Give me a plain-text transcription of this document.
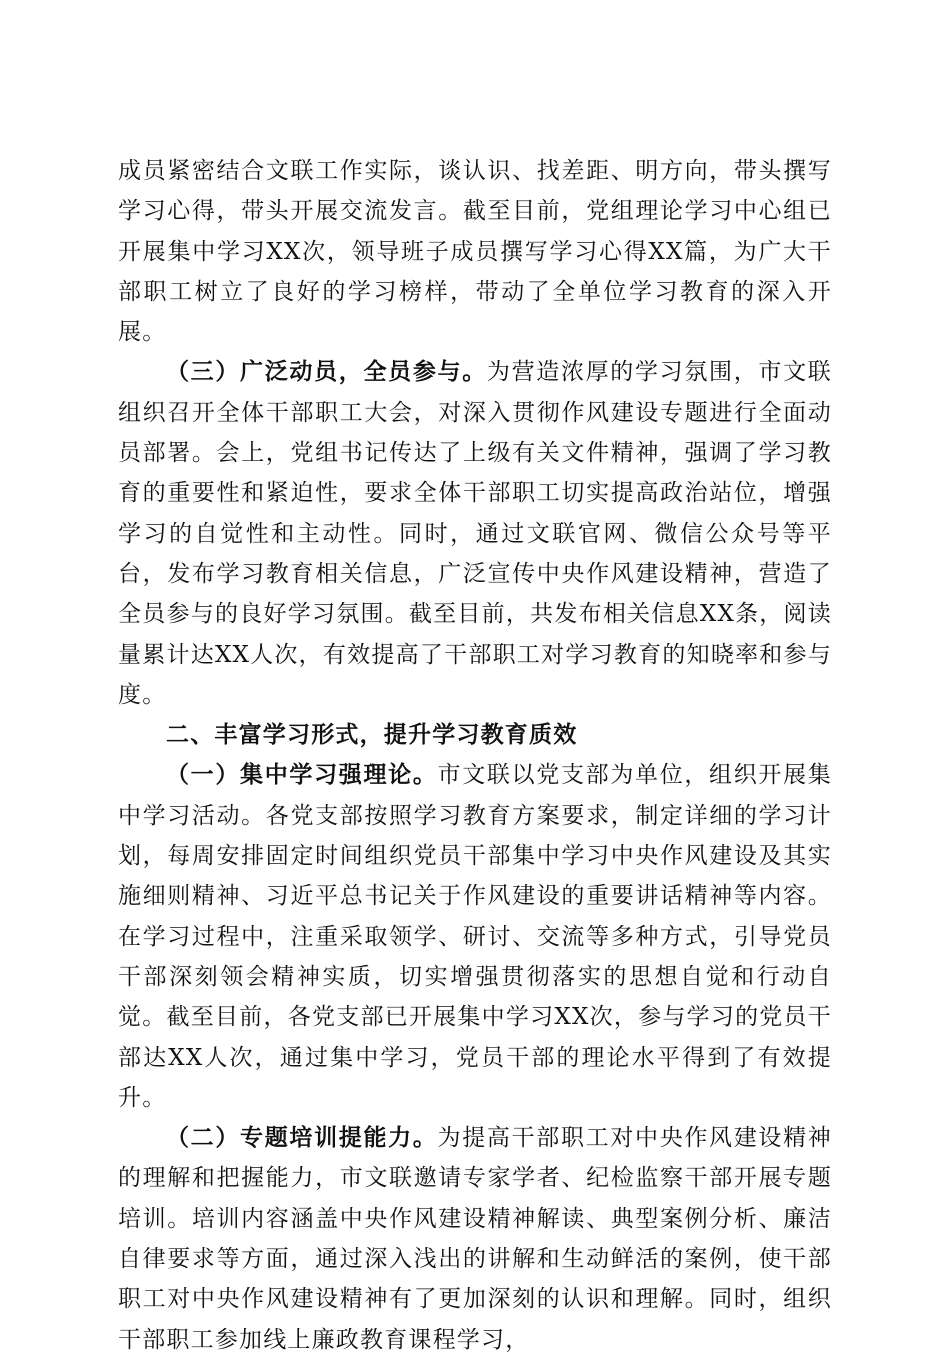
成员紧密结合文联工作实际，谈认识、找差距、明方向，带头撰写学习心得，带头开展交流发言。截至目前，党组理论学习中心组已开展集中学习XX次，领导班子成员撰写学习心得XX篇，为广大干部职工树立了良好的学习榜样，带动了全单位学习教育的深入开展。

（三）广泛动员，全员参与。为营造浓厚的学习氛围，市文联组织召开全体干部职工大会，对深入贯彻作风建设专题进行全面动员部署。会上，党组书记传达了上级有关文件精神，强调了学习教育的重要性和紧迫性，要求全体干部职工切实提高政治站位，增强学习的自觉性和主动性。同时，通过文联官网、微信公众号等平台，发布学习教育相关信息，广泛宣传中央作风建设精神，营造了全员参与的良好学习氛围。截至目前，共发布相关信息XX条，阅读量累计达XX人次，有效提高了干部职工对学习教育的知晓率和参与度。

二、丰富学习形式，提升学习教育质效

（一）集中学习强理论。市文联以党支部为单位，组织开展集中学习活动。各党支部按照学习教育方案要求，制定详细的学习计划，每周安排固定时间组织党员干部集中学习中央作风建设及其实施细则精神、习近平总书记关于作风建设的重要讲话精神等内容。在学习过程中，注重采取领学、研讨、交流等多种方式，引导党员干部深刻领会精神实质，切实增强贯彻落实的思想自觉和行动自觉。截至目前，各党支部已开展集中学习XX次，参与学习的党员干部达XX人次，通过集中学习，党员干部的理论水平得到了有效提升。

（二）专题培训提能力。为提高干部职工对中央作风建设精神的理解和把握能力，市文联邀请专家学者、纪检监察干部开展专题培训。培训内容涵盖中央作风建设精神解读、典型案例分析、廉洁自律要求等方面，通过深入浅出的讲解和生动鲜活的案例，使干部职工对中央作风建设精神有了更加深刻的认识和理解。同时，组织干部职工参加线上廉政教育课程学习，
